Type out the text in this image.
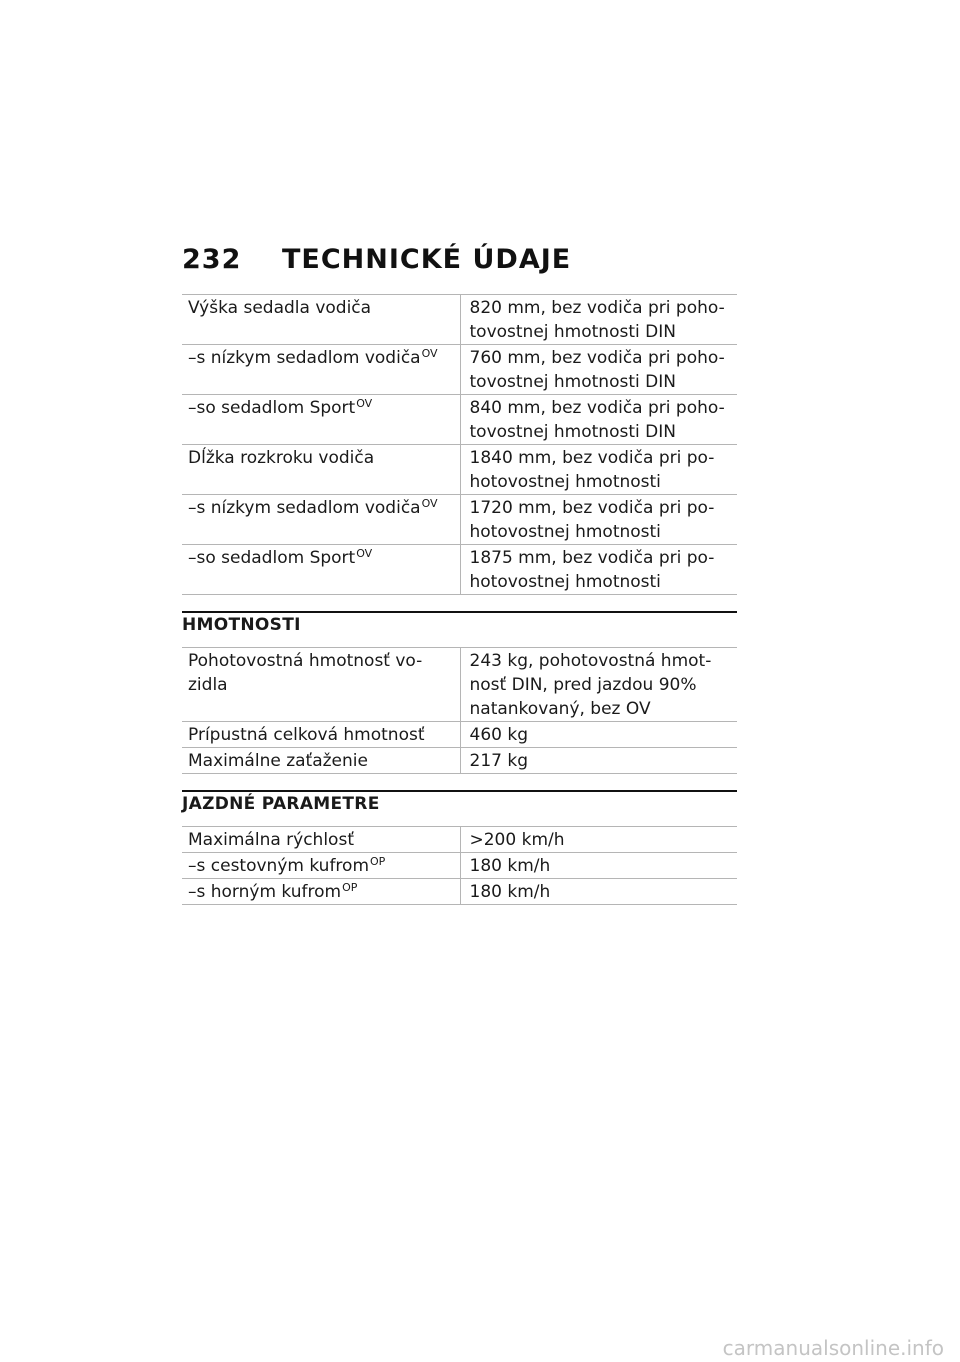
232 TECHNICKÉ ÚDAJE
Výška sedadla vodiča	820 mm, bez vodiča pri poho-tovostnej hmotnosti DIN

–s nízkym sedadlom vodiča$^{OV}$	760 mm, bez vodiča pri poho-tovostnej hmotnosti DIN

–so sedadlom Sport$^{OV}$	840 mm, bez vodiča pri poho-tovostnej hmotnosti DIN

Dĺžka rozkroku vodiča	1840 mm, bez vodiča pri po-hotovostnej hmotnosti

–s nízkym sedadlom vodiča$^{OV}$	1720 mm, bez vodiča pri po-hotovostnej hmotnosti

–so sedadlom Sport$^{OV}$	1875 mm, bez vodiča pri po-hotovostnej hmotnosti
HMOTNOSTI
Pohotovostná hmotnosť vo-zidla	243 kg, pohotovostná hmot-nosť DIN, pred jazdou 90% natankovaný, bez OV

Prípustná celková hmotnosť	460 kg

Maximálne zaťaženie	217 kg
JAZDNÉ PARAMETRE
Maximálna rýchlosť	>200 km/h

–s cestovným kufrom$^{OP}$	180 km/h

–s horným kufrom$^{OP}$	180 km/h
carmanualsonline.info
